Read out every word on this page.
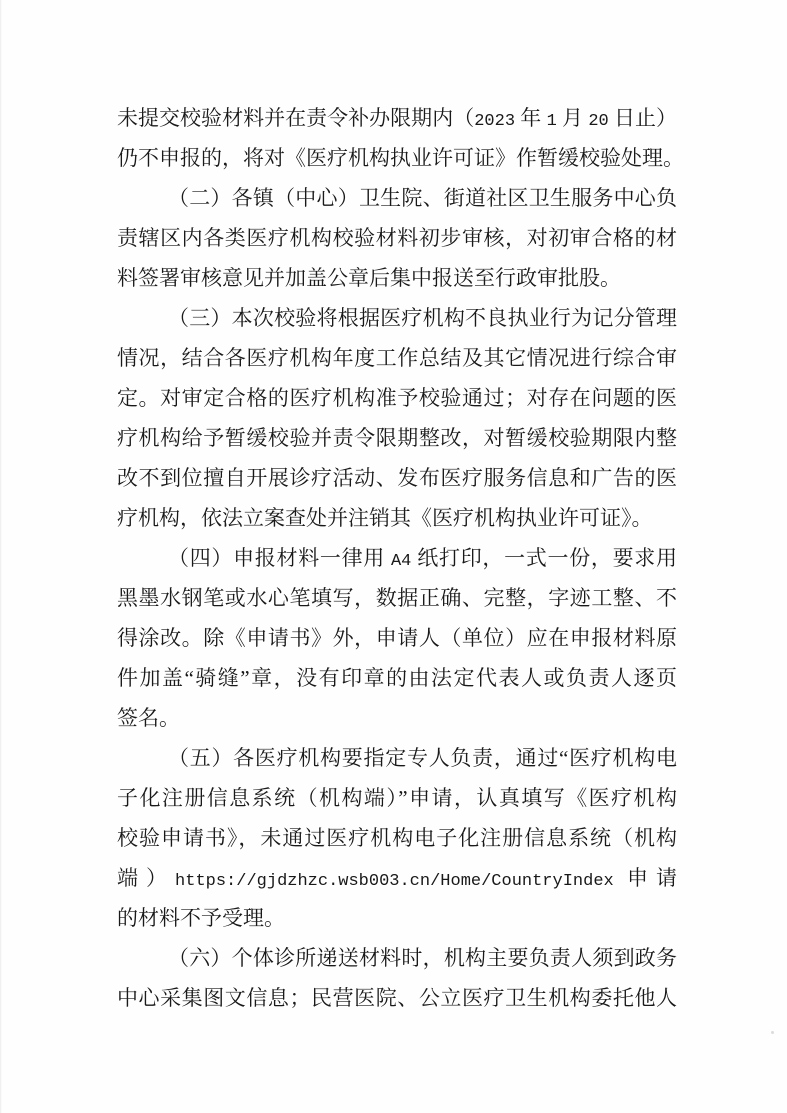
未提交校验材料并在责令补办限期内（2023 年 1 月 20 日止）
仍不申报的，将对《医疗机构执业许可证》作暂缓校验处理。
（二）各镇（中心）卫生院、街道社区卫生服务中心负
责辖区内各类医疗机构校验材料初步审核，对初审合格的材
料签署审核意见并加盖公章后集中报送至行政审批股。
（三）本次校验将根据医疗机构不良执业行为记分管理
情况，结合各医疗机构年度工作总结及其它情况进行综合审
定。对审定合格的医疗机构准予校验通过；对存在问题的医
疗机构给予暂缓校验并责令限期整改，对暂缓校验期限内整
改不到位擅自开展诊疗活动、发布医疗服务信息和广告的医
疗机构，依法立案查处并注销其《医疗机构执业许可证》。
（四）申报材料一律用 A4 纸打印，一式一份，要求用
黑墨水钢笔或水心笔填写，数据正确、完整，字迹工整、不
得涂改。除《申请书》外，申请人（单位）应在申报材料原
件加盖“骑缝”章，没有印章的由法定代表人或负责人逐页
签名。
（五）各医疗机构要指定专人负责，通过“医疗机构电
子化注册信息系统（机构端）”申请，认真填写《医疗机构
校验申请书》，未通过医疗机构电子化注册信息系统（机构
端）https://gjdzhzc.wsb003.cn/Home/CountryIndex 申请
的材料不予受理。
（六）个体诊所递送材料时，机构主要负责人须到政务
中心采集图文信息；民营医院、公立医疗卫生机构委托他人
